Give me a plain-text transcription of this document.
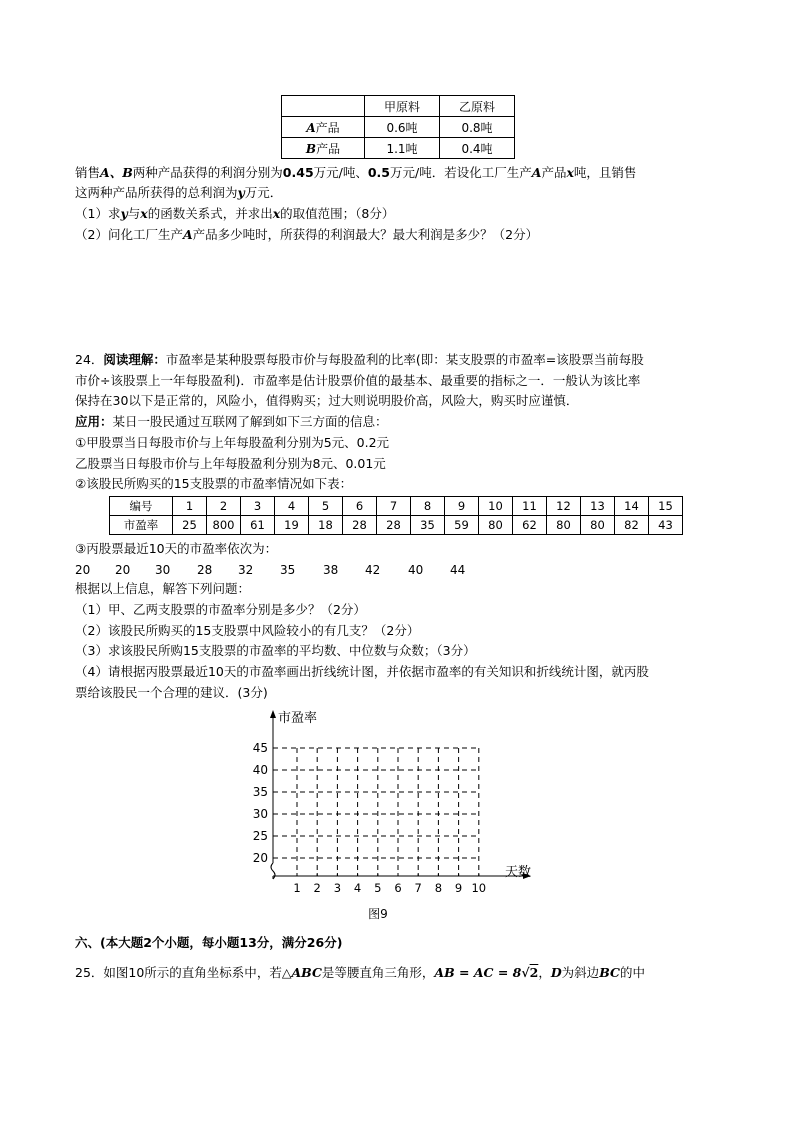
	甲原料	乙原料
A产品	0.6吨	0.8吨
B产品	1.1吨	0.4吨
销售A、B两种产品获得的利润分别为0.45万元/吨、0.5万元/吨．若设化工厂生产A产品x吨，且销售
这两种产品所获得的总利润为y万元．
（1）求y与x的函数关系式，并求出x的取值范围；（8分）
（2）问化工厂生产A产品多少吨时，所获得的利润最大？最大利润是多少？（2分）
24．阅读理解：市盈率是某种股票每股市价与每股盈利的比率(即：某支股票的市盈率=该股票当前每股
市价÷该股票上一年每股盈利)．市盈率是估计股票价值的最基本、最重要的指标之一．一般认为该比率
保持在30以下是正常的，风险小，值得购买；过大则说明股价高，风险大，购买时应谨慎．
应用：某日一股民通过互联网了解到如下三方面的信息：
①甲股票当日每股市价与上年每股盈利分别为5元、0.2元
乙股票当日每股市价与上年每股盈利分别为8元、0.01元
②该股民所购买的15支股票的市盈率情况如下表：
编号	1	2	3	4	5	6	7	8	9	10	11	12	13	14	15
市盈率	25	800	61	19	18	28	28	35	59	80	62	80	80	82	43
③丙股票最近10天的市盈率依次为：
20 20 30 28 32 35 38 42 40 44
根据以上信息，解答下列问题：
（1）甲、乙两支股票的市盈率分别是多少？（2分）
（2）该股民所购买的15支股票中风险较小的有几支？（2分）
（3）求该股民所购15支股票的市盈率的平均数、中位数与众数；（3分）
（4）请根据丙股票最近10天的市盈率画出折线统计图，并依据市盈率的有关知识和折线统计图，就丙股
票给该股民一个合理的建议．(3分)
20
25
30
35
40
45
1 2 3 4 5 6 7 8 9 10
市盈率
天数
图9
六、(本大题2个小题，每小题13分，满分26分)
25．如图10所示的直角坐标系中，若△ABC是等腰直角三角形，AB = AC = 8√2，D为斜边BC的中
